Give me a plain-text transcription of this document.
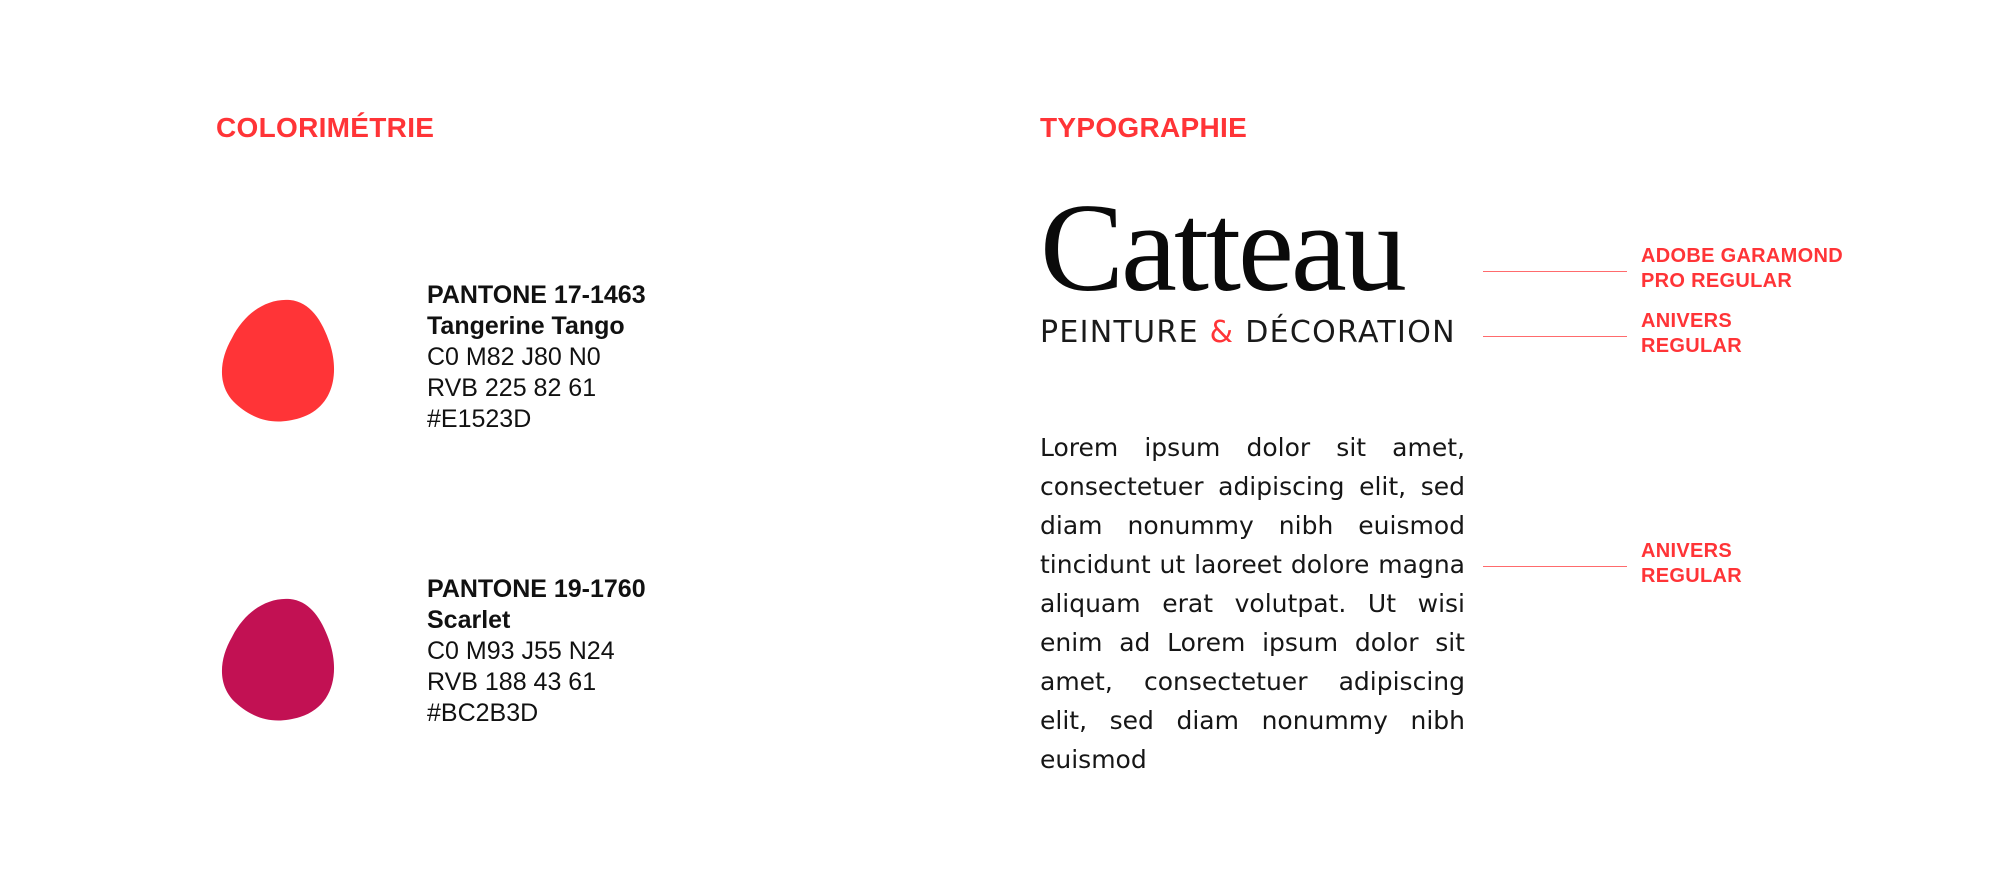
COLORIMÉTRIE	TYPOGRAPHIE
PANTONE 17-1463
Tangerine Tango
C0 M82 J80 N0
RVB 225 82 61
#E1523D
PANTONE 19-1760
Scarlet
C0 M93 J55 N24
RVB 188 43 61
#BC2B3D
Catteau
PEINTURE & DÉCORATION

Lorem ipsum dolor sit amet, consectetuer adipiscing elit, sed diam nonummy nibh euismod tincidunt ut laoreet dolore magna aliquam erat volutpat. Ut wisi enim ad Lorem ipsum dolor sit amet, consectetuer adipiscing elit, sed diam nonummy nibh euismod

ADOBE GARAMOND
PRO REGULAR
ANIVERS
REGULAR
ANIVERS
REGULAR
